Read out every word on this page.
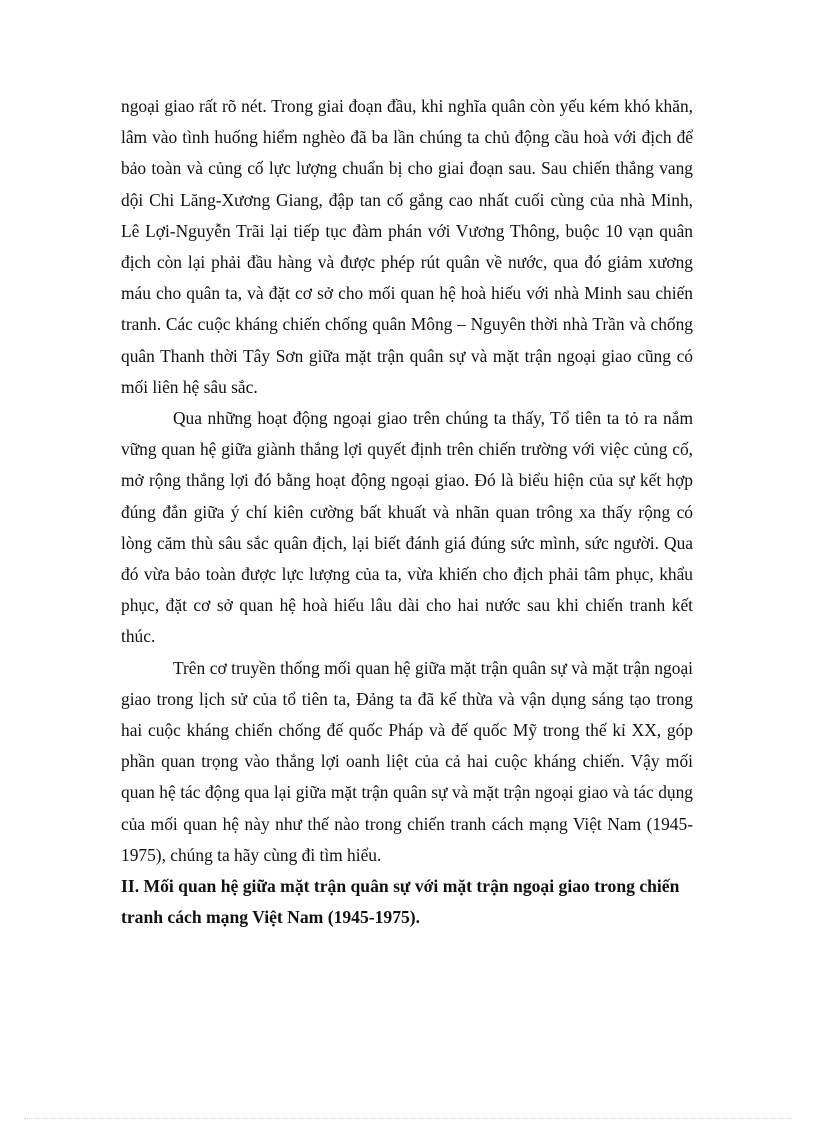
ngoại giao rất rõ nét. Trong giai đoạn đầu, khi nghĩa quân còn yếu kém khó khăn, lâm vào tình huống hiểm nghèo đã ba lần chúng ta chủ động cầu hoà với địch để bảo toàn và củng cố lực lượng chuẩn bị cho giai đoạn sau. Sau chiến thắng vang dội Chi Lăng-Xương Giang, đập tan cố gắng cao nhất cuối cùng của nhà Minh, Lê Lợi-Nguyễn Trãi lại tiếp tục đàm phán với Vương Thông, buộc 10 vạn quân địch còn lại phải đầu hàng và được phép rút quân về nước, qua đó giảm xương máu cho quân ta, và đặt cơ sở cho mối quan hệ hoà hiếu với nhà Minh sau chiến tranh. Các cuộc kháng chiến chống quân Mông – Nguyên thời nhà Trần và chống quân Thanh thời Tây Sơn giữa mặt trận quân sự và mặt trận ngoại giao cũng có mối liên hệ sâu sắc.

Qua những hoạt động ngoại giao trên chúng ta thấy, Tổ tiên ta tỏ ra nắm vững quan hệ giữa giành thắng lợi quyết định trên chiến trường với việc củng cố, mở rộng thắng lợi đó bằng hoạt động ngoại giao. Đó là biểu hiện của sự kết hợp đúng đắn giữa ý chí kiên cường bất khuất và nhãn quan trông xa thấy rộng có lòng căm thù sâu sắc quân địch, lại biết đánh giá đúng sức mình, sức người. Qua đó vừa bảo toàn được lực lượng của ta, vừa khiến cho địch phải tâm phục, khẩu phục, đặt cơ sở quan hệ hoà hiếu lâu dài cho hai nước sau khi chiến tranh kết thúc.

Trên cơ truyền thống mối quan hệ giữa mặt trận quân sự và mặt trận ngoại giao trong lịch sử của tổ tiên ta, Đảng ta đã kế thừa và vận dụng sáng tạo trong hai cuộc kháng chiến chống đế quốc Pháp và đế quốc Mỹ trong thế kỉ XX, góp phần quan trọng vào thắng lợi oanh liệt của cả hai cuộc kháng chiến. Vậy mối quan hệ tác động qua lại giữa mặt trận quân sự và mặt trận ngoại giao và tác dụng của mối quan hệ này như thế nào trong chiến tranh cách mạng Việt Nam (1945-1975), chúng ta hãy cùng đi tìm hiểu.

II. Mối quan hệ giữa mặt trận quân sự với mặt trận ngoại giao trong chiến tranh cách mạng Việt Nam (1945-1975).
